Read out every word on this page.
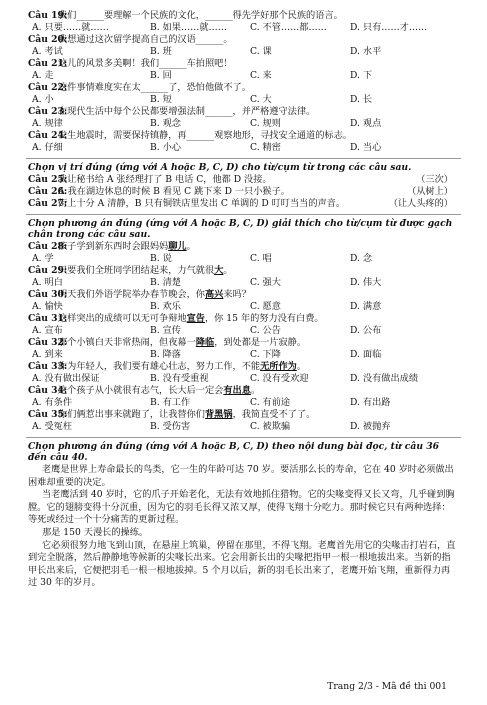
Câu 19:
我们______要理解一个民族的文化，______得先学好那个民族的语言。
A. 只要……就……	B. 如果……就……	C. 不管……都……	D. 只有……才……
Câu 20:
我想通过这次留学提高自己的汉语______。
A. 考试	B. 班	C. 课	D. 水平
Câu 21:
这儿的风景多美啊！我们______车拍照吧！
A. 走	B. 回	C. 来	D. 下
Câu 22:
这件事情难度实在太______了，恐怕他做不了。
A. 小	B. 短	C. 大	D. 长
Câu 23:
在现代生活中每个公民都要增强法制______，并严格遵守法律。
A. 规律	B. 观念	C. 规则	D. 观点
Câu 24:
发生地震时，需要保持镇静，再______观察地形，寻找安全通道的标志。
A. 仔细	B. 小心	C. 精密	D. 当心
Chọn vị trí đúng (ứng với A hoặc B, C, D) cho từ/cụm từ trong các câu sau.
Câu 25:
我让秘书给 A 张经理打了 B 电话 C，他都 D 没接。	（三次）
Câu 26:
A 我在湖边休息的时候 B 看见 C 跳下来 D 一只小猴子。	（从树上）
Câu 27:
街上十分 A 清静，B 只有铜铁店里发出 C 单调的 D 叮叮当当的声音。	（让人头疼的）
Chọn phương án đúng (ứng với A hoặc B, C, D) giải thích cho từ/cụm từ được gạch chân trong các câu sau.
Câu 28:
孩子学到新东西时会跟妈妈聊儿。
A. 学	B. 说	C. 唱	D. 念
Câu 29:
只要我们全班同学团结起来，力气就很大。
A. 明白	B. 清楚	C. 强大	D. 伟大
Câu 30:
明天我们外语学院举办春节晚会，你高兴来吗？
A. 愉快	B. 欢乐	C. 愿意	D. 满意
Câu 31:
这样突出的成绩可以无可争辩地宣告，你 15 年的努力没有白费。
A. 宣布	B. 宣传	C. 公告	D. 公布
Câu 32:
那个小镇白天非常热闹，但夜幕一降临，到处都是一片寂静。
A. 到来	B. 降落	C. 下降	D. 面临
Câu 33:
作为年轻人，我们要有雄心壮志，努力工作，不能无所作为。
A. 没有做出保证	B. 没有受重视	C. 没有受欢迎	D. 没有做出成绩
Câu 34:
这个孩子从小就很有志气，长大后一定会有出息。
A. 有条件	B. 有工作	C. 有前途	D. 有出路
Câu 35:
你们俩惹出事来就跑了，让我替你们背黑锅，我简直受不了了。
A. 受冤枉	B. 受伤害	C. 被欺骗	D. 被抛弃
Chọn phương án đúng (ứng với A hoặc B, C, D) theo nội dung bài đọc, từ câu 36 đến câu 40.
老鹰是世界上寿命最长的鸟类，它一生的年龄可达 70 岁。要活那么长的寿命，它在 40 岁时必须做出困难却重要的决定。
当老鹰活到 40 岁时，它的爪子开始老化，无法有效地抓住猎物。它的尖喙变得又长又弯，几乎碰到胸膛。它的翅膀变得十分沉重，因为它的羽毛长得又浓又厚，使得飞翔十分吃力。那时候它只有两种选择：等死或经过一个十分痛苦的更新过程。
那是 150 天漫长的操练。
它必须很努力地飞到山顶，在悬崖上筑巢，停留在那里，不得飞翔。老鹰首先用它的尖喙击打岩石，直到完全脱落，然后静静地等候新的尖喙长出来。它会用新长出的尖喙把指甲一根一根地拔出来。当新的指甲长出来后，它便把羽毛一根一根地拔掉。5 个月以后，新的羽毛长出来了，老鹰开始飞翔，重新得力再过 30 年的岁月。
Trang 2/3 - Mã đề thi 001
